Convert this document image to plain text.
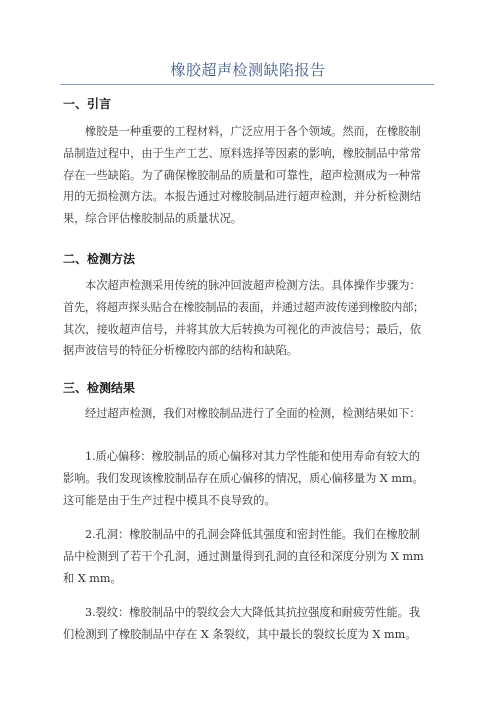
橡胶超声检测缺陷报告
一、引言
橡胶是一种重要的工程材料，广泛应用于各个领域。然而，在橡胶制
品制造过程中，由于生产工艺、原料选择等因素的影响，橡胶制品中常常
存在一些缺陷。为了确保橡胶制品的质量和可靠性，超声检测成为一种常
用的无损检测方法。本报告通过对橡胶制品进行超声检测，并分析检测结
果，综合评估橡胶制品的质量状况。
二、检测方法
本次超声检测采用传统的脉冲回波超声检测方法。具体操作步骤为：
首先，将超声探头贴合在橡胶制品的表面，并通过超声波传递到橡胶内部；
其次，接收超声信号，并将其放大后转换为可视化的声波信号；最后，依
据声波信号的特征分析橡胶内部的结构和缺陷。
三、检测结果
经过超声检测，我们对橡胶制品进行了全面的检测，检测结果如下：
1.质心偏移：橡胶制品的质心偏移对其力学性能和使用寿命有较大的
影响。我们发现该橡胶制品存在质心偏移的情况，质心偏移量为 X mm。
这可能是由于生产过程中模具不良导致的。
2.孔洞：橡胶制品中的孔洞会降低其强度和密封性能。我们在橡胶制
品中检测到了若干个孔洞，通过测量得到孔洞的直径和深度分别为 X mm
和 X mm。
3.裂纹：橡胶制品中的裂纹会大大降低其抗拉强度和耐疲劳性能。我
们检测到了橡胶制品中存在 X 条裂纹，其中最长的裂纹长度为 X mm。
